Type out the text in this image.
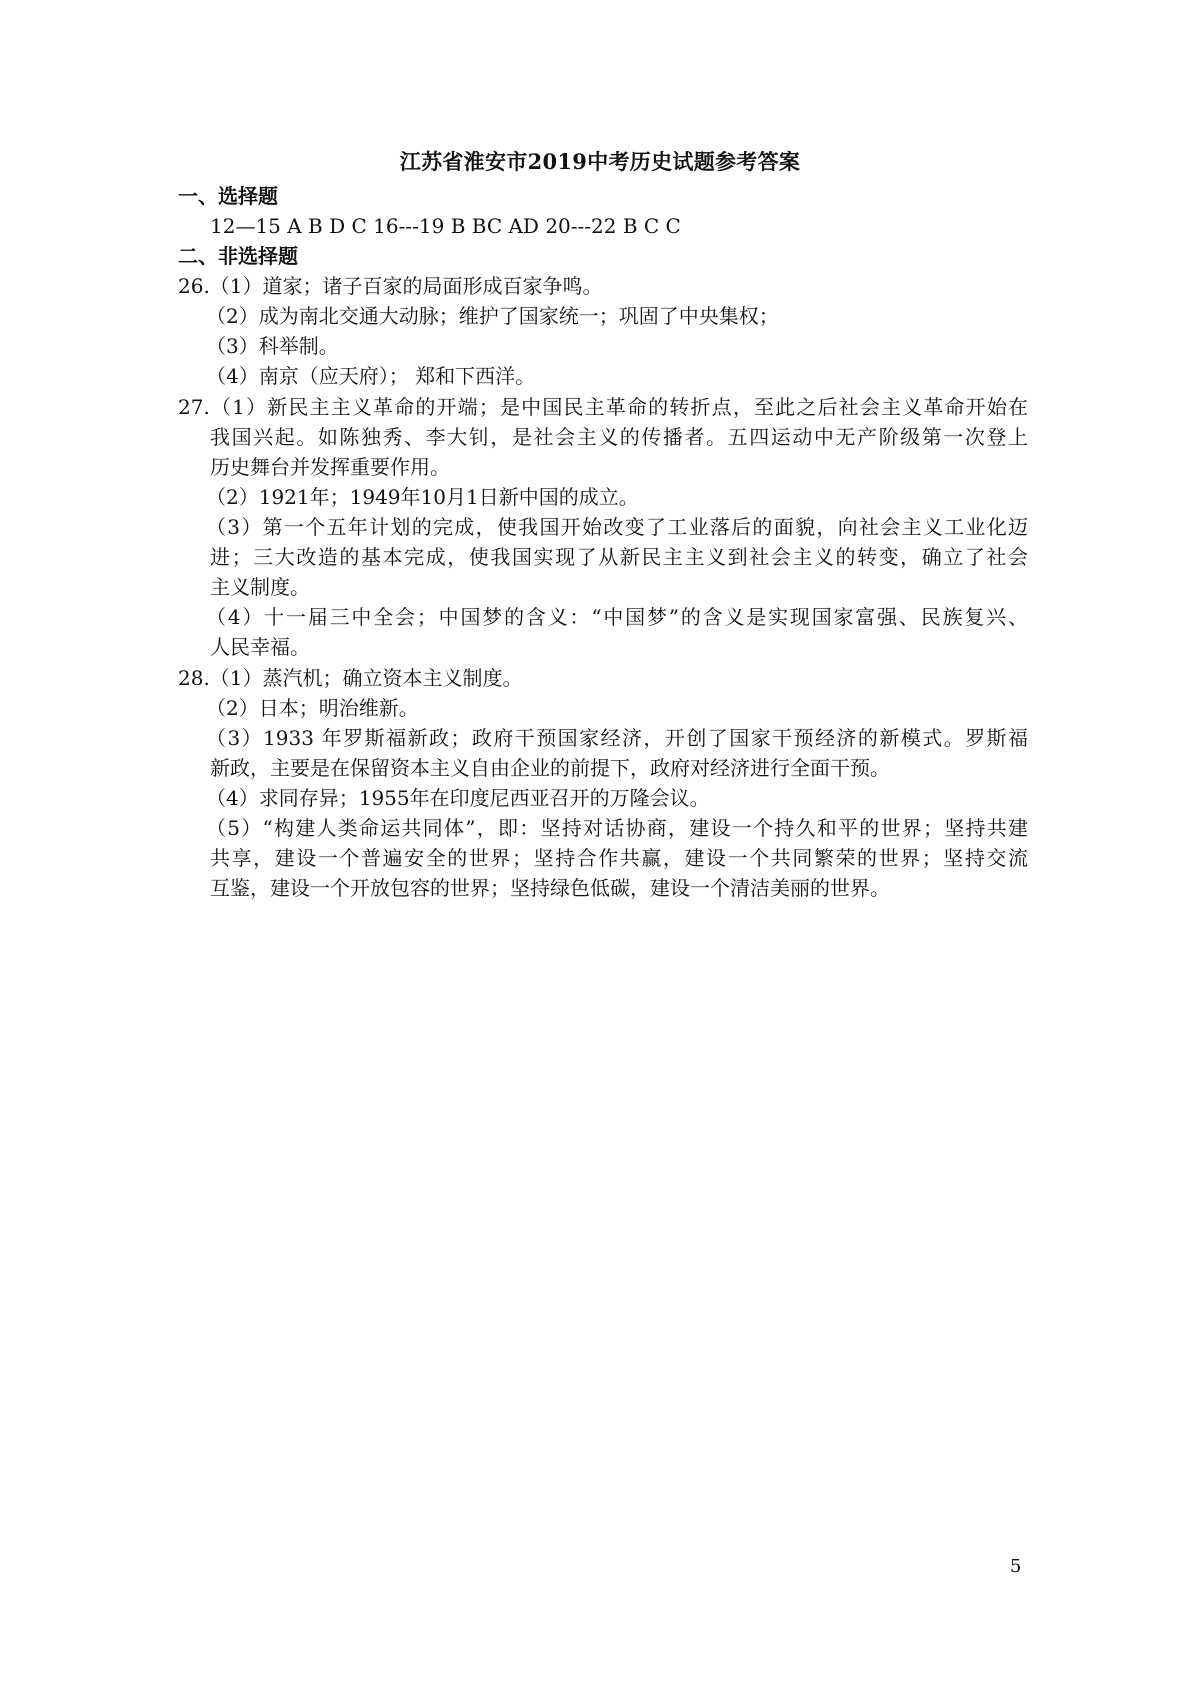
江苏省淮安市2019中考历史试题参考答案
一、选择题
12—15 A B D C 16---19 B BC AD 20---22 B C C
二、非选择题
26.（1）道家；诸子百家的局面形成百家争鸣。
（2）成为南北交通大动脉；维护了国家统一；巩固了中央集权；
（3）科举制。
（4）南京（应天府）； 郑和下西洋。
27.（1）新民主主义革命的开端；是中国民主革命的转折点，至此之后社会主义革命开始在
我国兴起。如陈独秀、李大钊，是社会主义的传播者。五四运动中无产阶级第一次登上
历史舞台并发挥重要作用。
（2）1921年；1949年10月1日新中国的成立。
（3）第一个五年计划的完成，使我国开始改变了工业落后的面貌，向社会主义工业化迈
进；三大改造的基本完成，使我国实现了从新民主主义到社会主义的转变，确立了社会
主义制度。
（4）十一届三中全会；中国梦的含义：“中国梦”的含义是实现国家富强、民族复兴、
人民幸福。
28.（1）蒸汽机；确立资本主义制度。
（2）日本；明治维新。
（3）1933 年罗斯福新政；政府干预国家经济，开创了国家干预经济的新模式。罗斯福
新政，主要是在保留资本主义自由企业的前提下，政府对经济进行全面干预。
（4）求同存异；1955年在印度尼西亚召开的万隆会议。
（5）“构建人类命运共同体”，即：坚持对话协商，建设一个持久和平的世界；坚持共建
共享，建设一个普遍安全的世界；坚持合作共赢，建设一个共同繁荣的世界；坚持交流
互鉴，建设一个开放包容的世界；坚持绿色低碳，建设一个清洁美丽的世界。
5
